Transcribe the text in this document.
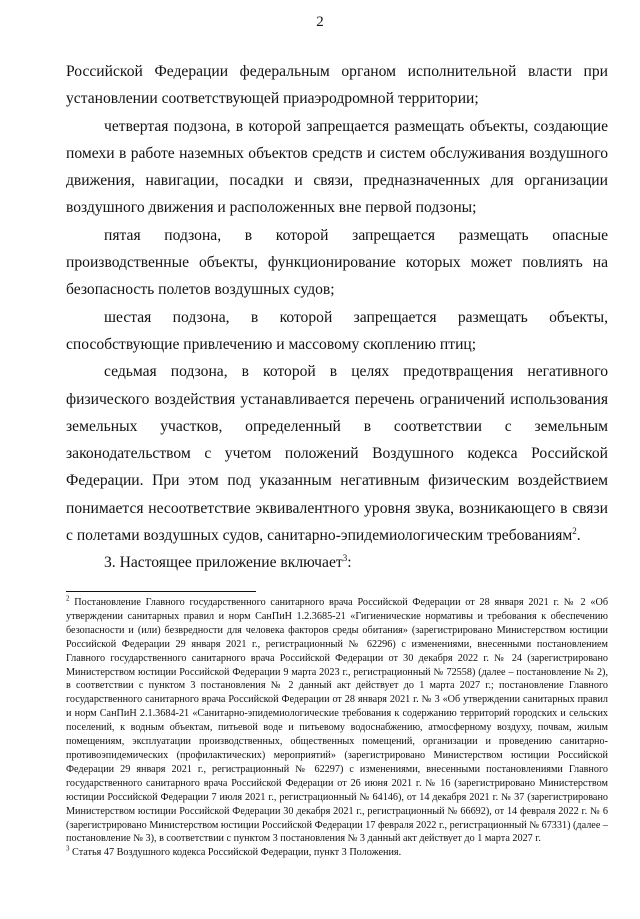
2

Российской Федерации федеральным органом исполнительной власти при установлении соответствующей приаэродромной территории;

четвертая подзона, в которой запрещается размещать объекты, создающие помехи в работе наземных объектов средств и систем обслуживания воздушного движения, навигации, посадки и связи, предназначенных для организации воздушного движения и расположенных вне первой подзоны;

пятая подзона, в которой запрещается размещать опасные производственные объекты, функционирование которых может повлиять на безопасность полетов воздушных судов;

шестая подзона, в которой запрещается размещать объекты, способствующие привлечению и массовому скоплению птиц;

седьмая подзона, в которой в целях предотвращения негативного физического воздействия устанавливается перечень ограничений использования земельных участков, определенный в соответствии с земельным законодательством с учетом положений Воздушного кодекса Российской Федерации. При этом под указанным негативным физическим воздействием понимается несоответствие эквивалентного уровня звука, возникающего в связи с полетами воздушных судов, санитарно-эпидемиологическим требованиям$^2$.

3. Настоящее приложение включает$^3$:

$^2$ Постановление Главного государственного санитарного врача Российской Федерации от 28 января 2021 г. № 2 «Об утверждении санитарных правил и норм СанПиН 1.2.3685-21 «Гигиенические нормативы и требования к обеспечению безопасности и (или) безвредности для человека факторов среды обитания» (зарегистрировано Министерством юстиции Российской Федерации 29 января 2021 г., регистрационный № 62296) с изменениями, внесенными постановлением Главного государственного санитарного врача Российской Федерации от 30 декабря 2022 г. № 24 (зарегистрировано Министерством юстиции Российской Федерации 9 марта 2023 г., регистрационный № 72558) (далее – постановление № 2), в соответствии с пунктом 3 постановления № 2 данный акт действует до 1 марта 2027 г.; постановление Главного государственного санитарного врача Российской Федерации от 28 января 2021 г. № 3 «Об утверждении санитарных правил и норм СанПиН 2.1.3684-21 «Санитарно-эпидемиологические требования к содержанию территорий городских и сельских поселений, к водным объектам, питьевой воде и питьевому водоснабжению, атмосферному воздуху, почвам, жилым помещениям, эксплуатации производственных, общественных помещений, организации и проведению санитарно-противоэпидемических (профилактических) мероприятий» (зарегистрировано Министерством юстиции Российской Федерации 29 января 2021 г., регистрационный № 62297) с изменениями, внесенными постановлениями Главного государственного санитарного врача Российской Федерации от 26 июня 2021 г. № 16 (зарегистрировано Министерством юстиции Российской Федерации 7 июля 2021 г., регистрационный № 64146), от 14 декабря 2021 г. № 37 (зарегистрировано Министерством юстиции Российской Федерации 30 декабря 2021 г., регистрационный № 66692), от 14 февраля 2022 г. № 6 (зарегистрировано Министерством юстиции Российской Федерации 17 февраля 2022 г., регистрационный № 67331) (далее – постановление № 3), в соответствии с пунктом 3 постановления № 3 данный акт действует до 1 марта 2027 г.

$^3$ Статья 47 Воздушного кодекса Российской Федерации, пункт 3 Положения.
